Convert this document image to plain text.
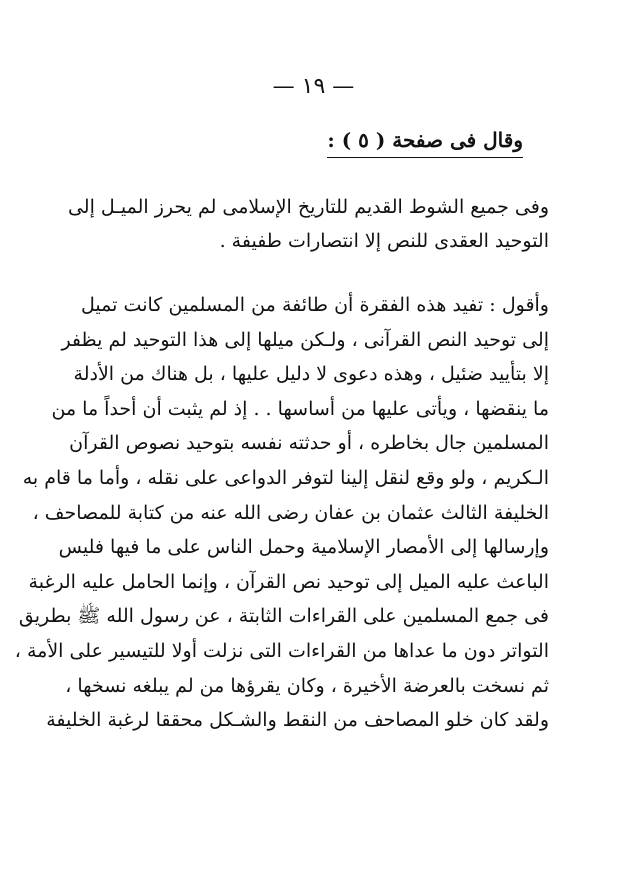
— ١٩ —
وقال فى صفحة ( ٥ ) :
وفى جميع الشوط القديم للتاريخ الإسلامى لم يحرز الميـل إلى
التوحيد العقدى للنص إلا انتصارات طفيفة .
وأقول : تفيد هذه الفقرة أن طائفة من المسلمين كانت تميل
إلى توحيد النص القرآنى ، ولـكن ميلها إلى هذا التوحيد لم يظفر
إلا بتأييد ضئيل ، وهذه دعوى لا دليل عليها ، بل هناك من الأدلة
ما ينقضها ، ويأتى عليها من أساسها . . إذ لم يثبت أن أحداً ما من
المسلمين جال بخاطره ، أو حدثته نفسه بتوحيد نصوص القرآن
الـكريم ، ولو وقع لنقل إلينا لتوفر الدواعى على نقله ، وأما ما قام به
الخليفة الثالث عثمان بن عفان رضى الله عنه من كتابة للمصاحف ،
وإرسالها إلى الأمصار الإسلامية وحمل الناس على ما فيها فليس
الباعث عليه الميل إلى توحيد نص القرآن ، وإنما الحامل عليه الرغبة
فى جمع المسلمين على القراءات الثابتة ، عن رسول الله ﷺ بطريق
التواتر دون ما عداها من القراءات التى نزلت أولا للتيسير على الأمة ،
ثم نسخت بالعرضة الأخيرة ، وكان يقرؤها من لم يبلغه نسخها ،
ولقد كان خلو المصاحف من النقط والشـكل محققا لرغبة الخليفة
